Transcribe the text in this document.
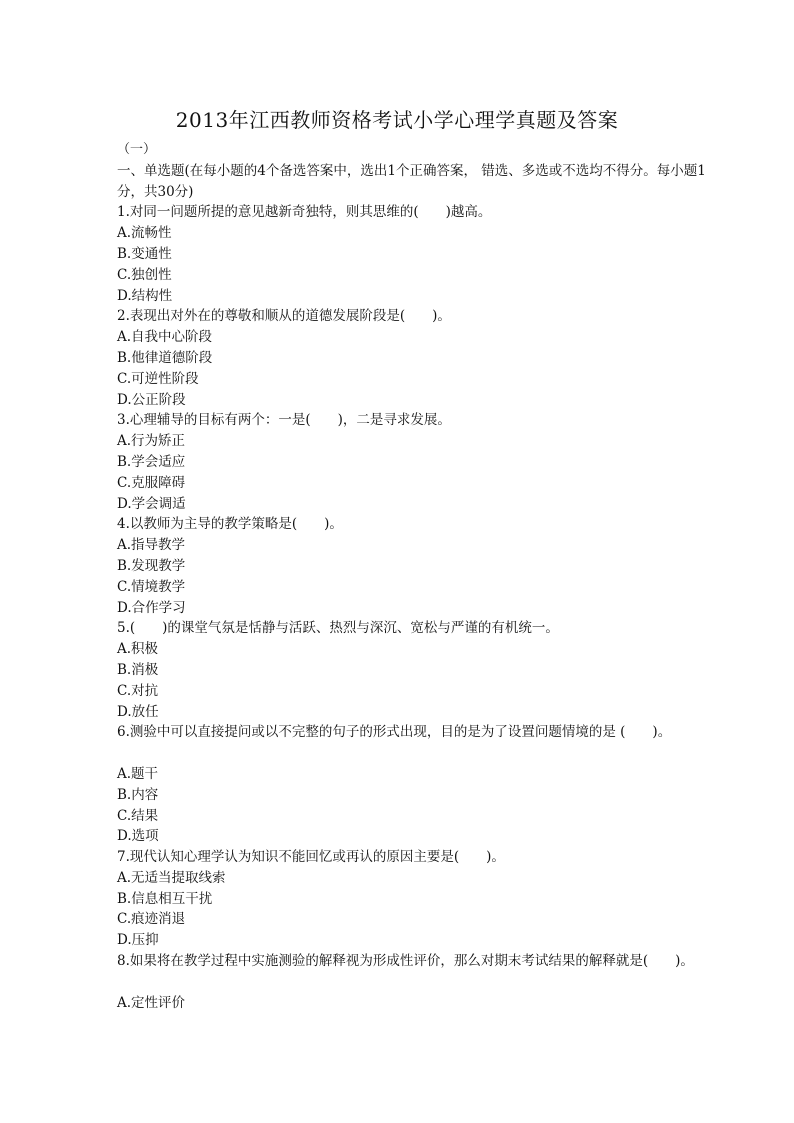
2013年江西教师资格考试小学心理学真题及答案
（一）
一、单选题(在每小题的4个备选答案中，选出1个正确答案， 错选、多选或不选均不得分。每小题1分，共30分)
1.对同一问题所提的意见越新奇独特，则其思维的(　　)越高。
A.流畅性
B.变通性
C.独创性
D.结构性
2.表现出对外在的尊敬和顺从的道德发展阶段是(　　)。
A.自我中心阶段
B.他律道德阶段
C.可逆性阶段
D.公正阶段
3.心理辅导的目标有两个：一是(　　)，二是寻求发展。
A.行为矫正
B.学会适应
C.克服障碍
D.学会调适
4.以教师为主导的教学策略是(　　)。
A.指导教学
B.发现教学
C.情境教学
D.合作学习
5.(　　)的课堂气氛是恬静与活跃、热烈与深沉、宽松与严谨的有机统一。
A.积极
B.消极
C.对抗
D.放任
6.测验中可以直接提问或以不完整的句子的形式出现，目的是为了设置问题情境的是 (　　)。
A.题干
B.内容
C.结果
D.选项
7.现代认知心理学认为知识不能回忆或再认的原因主要是(　　)。
A.无适当提取线索
B.信息相互干扰
C.痕迹消退
D.压抑
8.如果将在教学过程中实施测验的解释视为形成性评价，那么对期末考试结果的解释就是(　　)。
A.定性评价
